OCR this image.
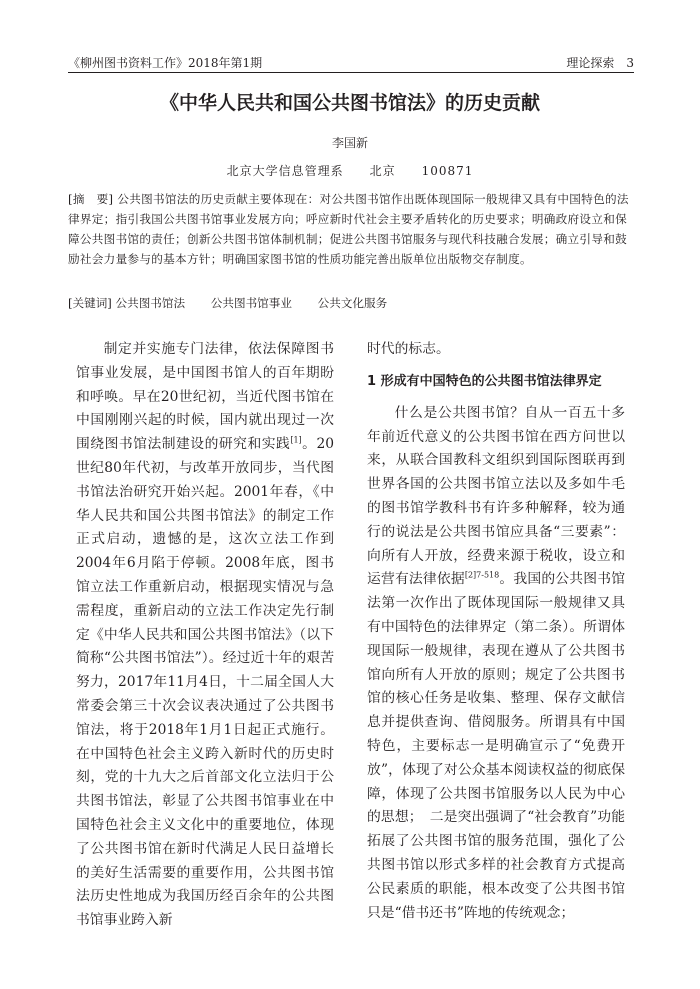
《柳州图书资料工作》2018年第1期	理论探索　3
《中华人民共和国公共图书馆法》的历史贡献
李国新
北京大学信息管理系　　北京　　100871
[摘　要] 公共图书馆法的历史贡献主要体现在：对公共图书馆作出既体现国际一般规律又具有中国特色的法律界定；指引我国公共图书馆事业发展方向；呼应新时代社会主要矛盾转化的历史要求；明确政府设立和保障公共图书馆的责任；创新公共图书馆体制机制；促进公共图书馆服务与现代科技融合发展；确立引导和鼓励社会力量参与的基本方针；明确国家图书馆的性质功能完善出版单位出版物交存制度。
[关键词] 公共图书馆法 公共图书馆事业 公共文化服务

制定并实施专门法律，依法保障图书馆事业发展，是中国图书馆人的百年期盼和呼唤。早在20世纪初，当近代图书馆在中国刚刚兴起的时候，国内就出现过一次围绕图书馆法制建设的研究和实践[1]。20世纪80年代初，与改革开放同步，当代图书馆法治研究开始兴起。2001年春，《中华人民共和国公共图书馆法》的制定工作正式启动，遗憾的是，这次立法工作到2004年6月陷于停顿。2008年底，图书馆立法工作重新启动，根据现实情况与急需程度，重新启动的立法工作决定先行制定《中华人民共和国公共图书馆法》（以下简称“公共图书馆法”）。经过近十年的艰苦努力，2017年11月4日，十二届全国人大常委会第三十次会议表决通过了公共图书馆法，将于2018年1月1日起正式施行。在中国特色社会主义跨入新时代的历史时刻，党的十九大之后首部文化立法归于公共图书馆法，彰显了公共图书馆事业在中国特色社会主义文化中的重要地位，体现了公共图书馆在新时代满足人民日益增长的美好生活需要的重要作用，公共图书馆法历史性地成为我国历经百余年的公共图书馆事业跨入新

时代的标志。

1 形成有中国特色的公共图书馆法律界定

什么是公共图书馆？自从一百五十多年前近代意义的公共图书馆在西方问世以来，从联合国教科文组织到国际图联再到世界各国的公共图书馆立法以及多如牛毛的图书馆学教科书有许多种解释，较为通行的说法是公共图书馆应具备“三要素”：向所有人开放，经费来源于税收，设立和运营有法律依据$^{[2]7-518}$。我国的公共图书馆法第一次作出了既体现国际一般规律又具有中国特色的法律界定（第二条）。所谓体现国际一般规律，表现在遵从了公共图书馆向所有人开放的原则；规定了公共图书馆的核心任务是收集、整理、保存文献信息并提供查询、借阅服务。所谓具有中国特色，主要标志一是明确宣示了“免费开放”，体现了对公众基本阅读权益的彻底保障，体现了公共图书馆服务以人民为中心的思想；　二是突出强调了“社会教育”功能拓展了公共图书馆的服务范围，强化了公共图书馆以形式多样的社会教育方式提高公民素质的职能，根本改变了公共图书馆只是“借书还书”阵地的传统观念；
